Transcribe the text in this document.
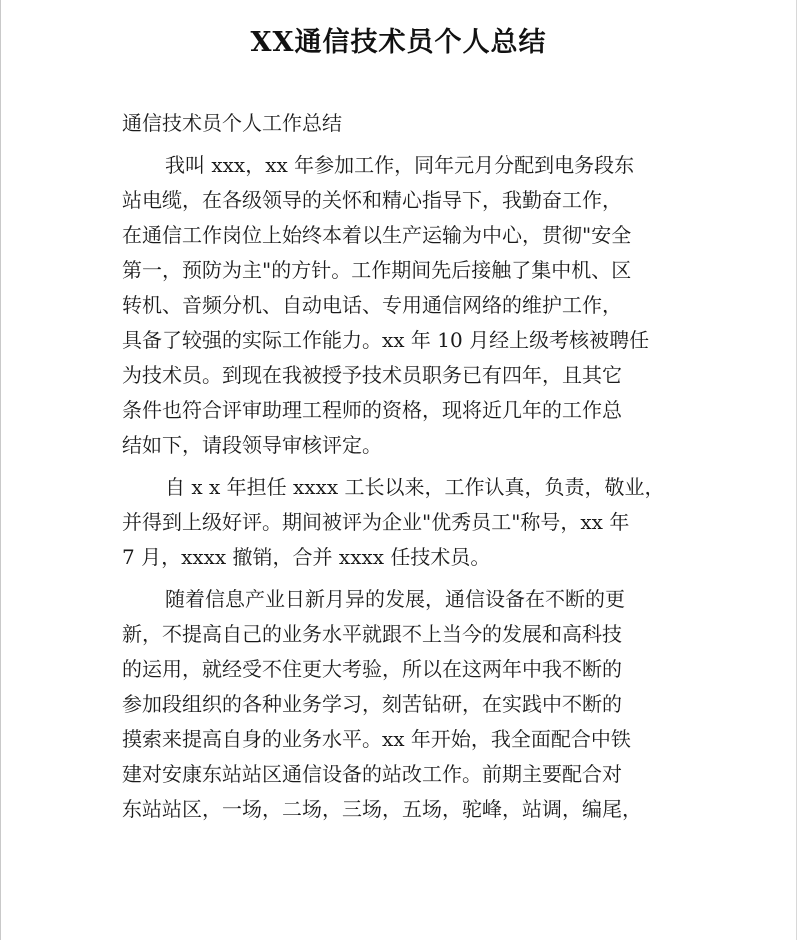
XX通信技术员个人总结
通信技术员个人工作总结
我叫 xxx，xx 年参加工作，同年元月分配到电务段东
站电缆，在各级领导的关怀和精心指导下，我勤奋工作，
在通信工作岗位上始终本着以生产运输为中心，贯彻"安全
第一，预防为主"的方针。工作期间先后接触了集中机、区
转机、音频分机、自动电话、专用通信网络的维护工作，
具备了较强的实际工作能力。xx 年 10 月经上级考核被聘任
为技术员。到现在我被授予技术员职务已有四年，且其它
条件也符合评审助理工程师的资格，现将近几年的工作总
结如下，请段领导审核评定。
自 x x 年担任 xxxx 工长以来，工作认真，负责，敬业，
并得到上级好评。期间被评为企业"优秀员工"称号，xx 年
7 月，xxxx 撤销，合并 xxxx 任技术员。
随着信息产业日新月异的发展，通信设备在不断的更
新，不提高自己的业务水平就跟不上当今的发展和高科技
的运用，就经受不住更大考验，所以在这两年中我不断的
参加段组织的各种业务学习，刻苦钻研，在实践中不断的
摸索来提高自身的业务水平。xx 年开始，我全面配合中铁
建对安康东站站区通信设备的站改工作。前期主要配合对
东站站区，一场，二场，三场，五场，驼峰，站调，编尾，
